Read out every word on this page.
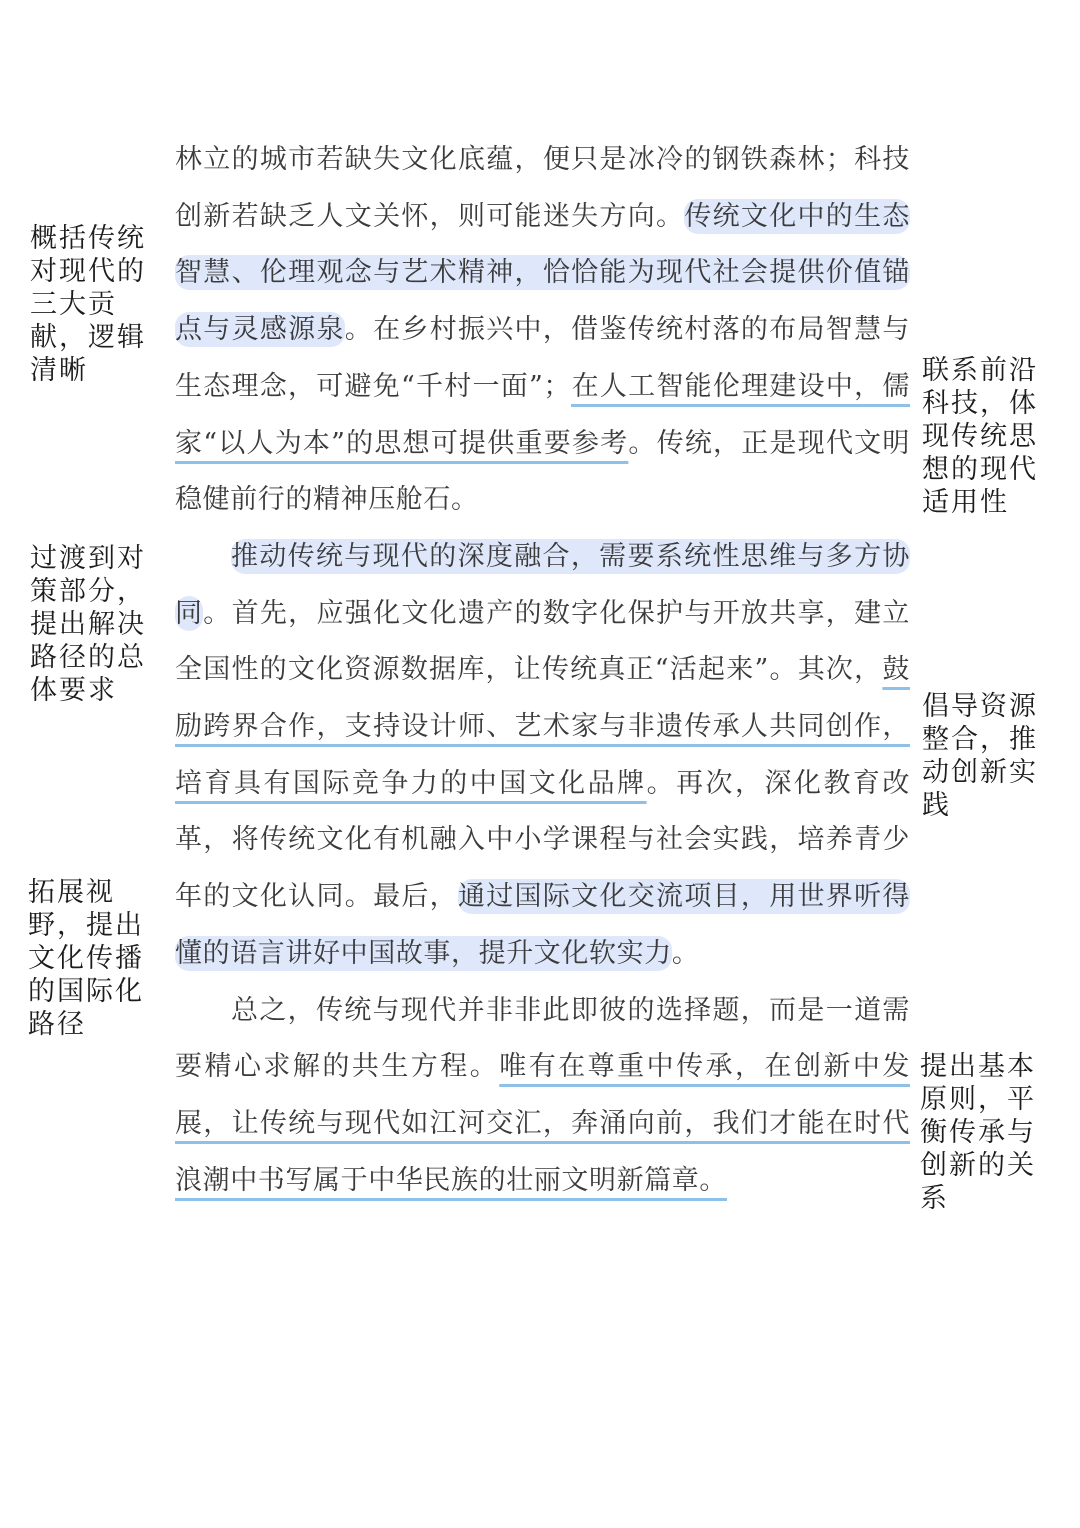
林立的城市若缺失文化底蕴，便只是冰冷的钢铁森林；科技创新若缺乏人文关怀，则可能迷失方向。传统文化中的生态智慧、伦理观念与艺术精神，恰恰能为现代社会提供价值锚点与灵感源泉。在乡村振兴中，借鉴传统村落的布局智慧与生态理念，可避免“千村一面”；在人工智能伦理建设中，儒家“以人为本”的思想可提供重要参考。传统，正是现代文明稳健前行的精神压舱石。

推动传统与现代的深度融合，需要系统性思维与多方协同。首先，应强化文化遗产的数字化保护与开放共享，建立全国性的文化资源数据库，让传统真正“活起来”。其次，鼓励跨界合作，支持设计师、艺术家与非遗传承人共同创作，培育具有国际竞争力的中国文化品牌。再次，深化教育改革，将传统文化有机融入中小学课程与社会实践，培养青少年的文化认同。最后，通过国际文化交流项目，用世界听得懂的语言讲好中国故事，提升文化软实力。

总之，传统与现代并非非此即彼的选择题，而是一道需要精心求解的共生方程。唯有在尊重中传承，在创新中发展，让传统与现代如江河交汇，奔涌向前，我们才能在时代浪潮中书写属于中华民族的壮丽文明新篇章。

概括传统对现代的三大贡献，逻辑清晰
过渡到对策部分，提出解决路径的总体要求
拓展视野，提出文化传播的国际化路径
联系前沿科技，体现传统思想的现代适用性
倡导资源整合，推动创新实践
提出基本原则，平衡传承与创新的关系
